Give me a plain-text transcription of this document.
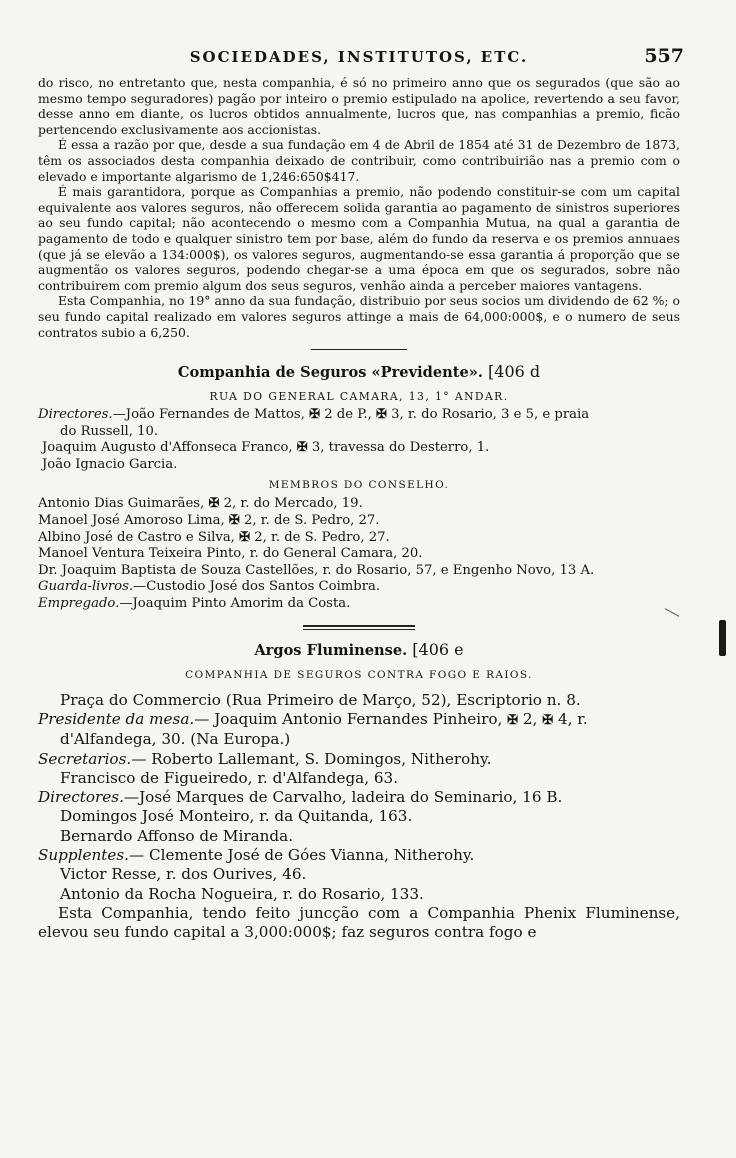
SOCIEDADES, INSTITUTOS, ETC.	557

do risco, no entretanto que, nesta companhia, é só no primeiro anno que os segurados (que são ao mesmo tempo seguradores) pagão por inteiro o premio estipulado na apolice, revertendo a seu favor, desse anno em diante, os lucros obtidos annualmente, lucros que, nas companhias a premio, ficão pertencendo exclusivamente aos accionistas.

É essa a razão por que, desde a sua fundação em 4 de Abril de 1854 até 31 de Dezembro de 1873, têm os associados desta companhia deixado de contribuir, como contribuirião nas a premio com o elevado e importante algarismo de 1,246:650$417.

É mais garantidora, porque as Companhias a premio, não podendo constituir-se com um capital equivalente aos valores seguros, não offerecem solida garantia ao pagamento de sinistros superiores ao seu fundo capital; não acontecendo o mesmo com a Companhia Mutua, na qual a garantia de pagamento de todo e qualquer sinistro tem por base, além do fundo da reserva e os premios annuaes (que já se elevão a 134:000$), os valores seguros, augmentando-se essa garantia á proporção que se augmentão os valores seguros, podendo chegar-se a uma época em que os segurados, sobre não contribuirem com premio algum dos seus seguros, venhão ainda a perceber maiores vantagens.

Esta Companhia, no 19° anno da sua fundação, distribuio por seus socios um dividendo de 62 %; o seu fundo capital realizado em valores seguros attinge a mais de 64,000:000$, e o numero de seus contratos subio a 6,250.

Companhia de Seguros «Previdente». [406 d
RUA DO GENERAL CAMARA, 13, 1° ANDAR.

Directores.—João Fernandes de Mattos, ✠ 2 de P., ✠ 3, r. do Rosario, 3 e 5, e praia

do Russell, 10.

Joaquim Augusto d'Affonseca Franco, ✠ 3, travessa do Desterro, 1.

João Ignacio Garcia.

MEMBROS DO CONSELHO.

Antonio Dias Guimarães, ✠ 2, r. do Mercado, 19.

Manoel José Amoroso Lima, ✠ 2, r. de S. Pedro, 27.

Albino José de Castro e Silva, ✠ 2, r. de S. Pedro, 27.

Manoel Ventura Teixeira Pinto, r. do General Camara, 20.

Dr. Joaquim Baptista de Souza Castellões, r. do Rosario, 57, e Engenho Novo, 13 A.

Guarda-livros.—Custodio José dos Santos Coimbra.

Empregado.—Joaquim Pinto Amorim da Costa.

Argos Fluminense. [406 e
COMPANHIA DE SEGUROS CONTRA FOGO E RAIOS.

Praça do Commercio (Rua Primeiro de Março, 52), Escriptorio n. 8.

Presidente da mesa.— Joaquim Antonio Fernandes Pinheiro, ✠ 2, ✠ 4, r.

d'Alfandega, 30. (Na Europa.)

Secretarios.— Roberto Lallemant, S. Domingos, Nitherohy.

Francisco de Figueiredo, r. d'Alfandega, 63.

Directores.—José Marques de Carvalho, ladeira do Seminario, 16 B.

Domingos José Monteiro, r. da Quitanda, 163.

Bernardo Affonso de Miranda.

Supplentes.— Clemente José de Góes Vianna, Nitherohy.

Victor Resse, r. dos Ourives, 46.

Antonio da Rocha Nogueira, r. do Rosario, 133.

Esta Companhia, tendo feito juncção com a Companhia Phenix Fluminense, elevou seu fundo capital a 3,000:000$; faz seguros contra fogo e
